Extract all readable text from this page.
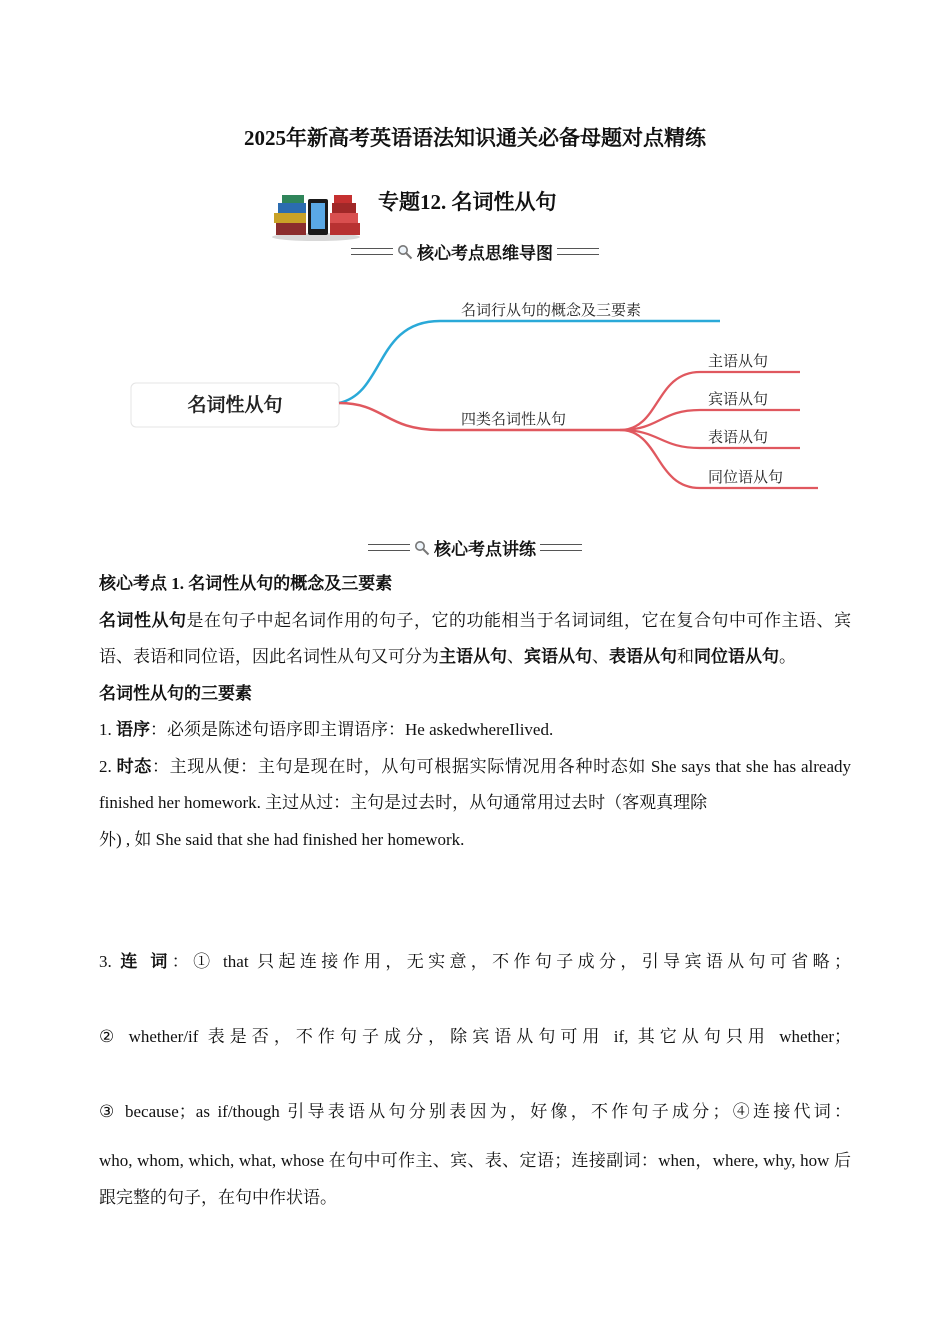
2025年新高考英语语法知识通关必备母题对点精练
专题12. 名词性从句
核心考点思维导图
名词性从句
名词行从句的概念及三要素
四类名词性从句
主语从句
宾语从句
表语从句
同位语从句
核心考点讲练

核心考点 1. 名词性从句的概念及三要素

名词性从句是在句子中起名词作用的句子，它的功能相当于名词词组，它在复合句中可作主语、宾语、表语和同位语，因此名词性从句又可分为主语从句、宾语从句、表语从句和同位语从句。

名词性从句的三要素

1. 语序：必须是陈述句语序即主谓语序：He askedwhereIlived.

2. 时态：主现从便：主句是现在时，从句可根据实际情况用各种时态如 She says that she has already finished her homework. 主过从过：主句是过去时，从句通常用过去时（客观真理除

外) , 如 She said that she had finished her homework.

3. 连 词：① that 只起连接作用，无实意，不作句子成分，引导宾语从句可省略；
② whether/if 表是否，不作句子成分，除宾语从句可用 if, 其它从句只用 whether；
③ because；as if/though 引导表语从句分别表因为，好像，不作句子成分；④连接代词：
who, whom, which, what, whose 在句中可作主、宾、表、定语；连接副词：when，where, why, how 后跟完整的句子，在句中作状语。
